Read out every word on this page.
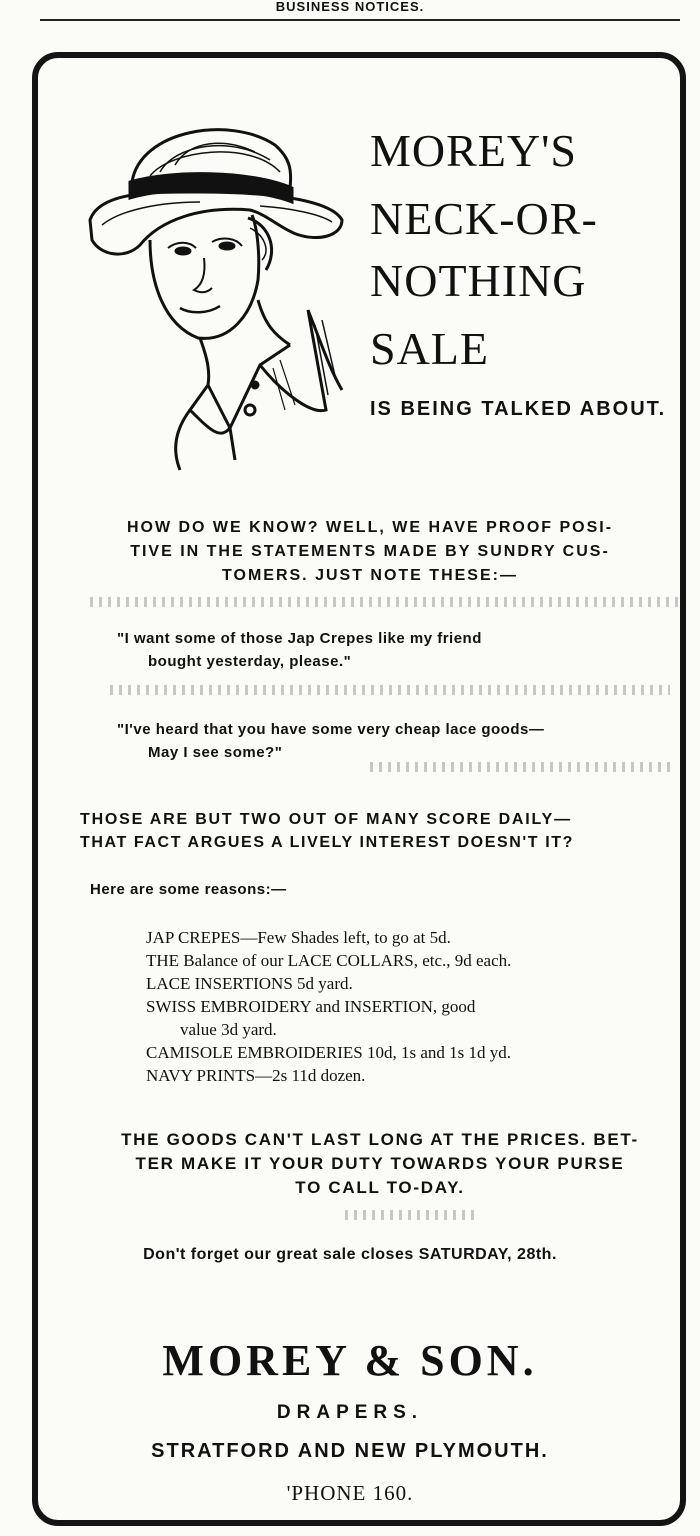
BUSINESS NOTICES.
MOREY'S
NECK-OR-
NOTHING
SALE
IS BEING TALKED ABOUT.
HOW DO WE KNOW? WELL, WE HAVE PROOF POSI-
TIVE IN THE STATEMENTS MADE BY SUNDRY CUS-
TOMERS. JUST NOTE THESE:—
"I want some of those Jap Crepes like my friend
bought yesterday, please."
"I've heard that you have some very cheap lace goods—
May I see some?"
THOSE ARE BUT TWO OUT OF MANY SCORE DAILY—
THAT FACT ARGUES A LIVELY INTEREST DOESN'T IT?
Here are some reasons:—
JAP CREPES—Few Shades left, to go at 5d.
THE Balance of our LACE COLLARS, etc., 9d each.
LACE INSERTIONS 5d yard.
SWISS EMBROIDERY and INSERTION, good
value 3d yard.
CAMISOLE EMBROIDERIES 10d, 1s and 1s 1d yd.
NAVY PRINTS—2s 11d dozen.
THE GOODS CAN'T LAST LONG AT THE PRICES. BET-
TER MAKE IT YOUR DUTY TOWARDS YOUR PURSE
TO CALL TO-DAY.
Don't forget our great sale closes SATURDAY, 28th.
MOREY & SON.
DRAPERS.
STRATFORD AND NEW PLYMOUTH.
'PHONE 160.
